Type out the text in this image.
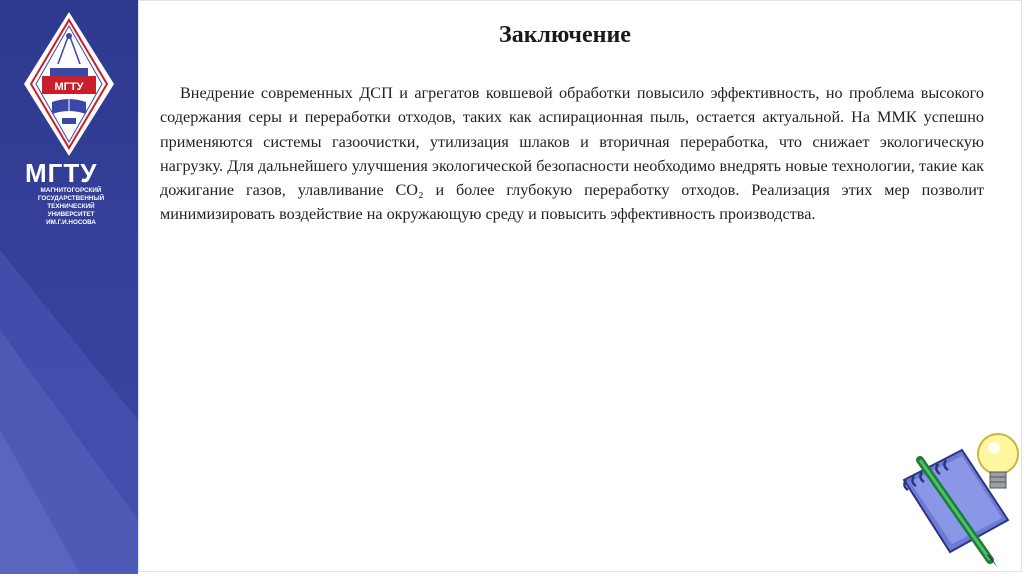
МГТУ
МГТУ
МАГНИТОГОРСКИЙ
ГОСУДАРСТВЕННЫЙ
ТЕХНИЧЕСКИЙ
УНИВЕРСИТЕТ
ИМ.Г.И.НОСОВА
Заключение
Внедрение современных ДСП и агрегатов ковшевой обработки повысило эффективность, но проблема высокого содержания серы и переработки отходов, таких как аспирационная пыль, остается актуальной. На ММК успешно применяются системы газоочистки, утилизация шлаков и вторичная переработка, что снижает экологическую нагрузку. Для дальнейшего улучшения экологической безопасности необходимо внедрять новые технологии, такие как дожигание газов, улавливание CO₂ и более глубокую переработку отходов. Реализация этих мер позволит минимизировать воздействие на окружающую среду и повысить эффективность производства.
